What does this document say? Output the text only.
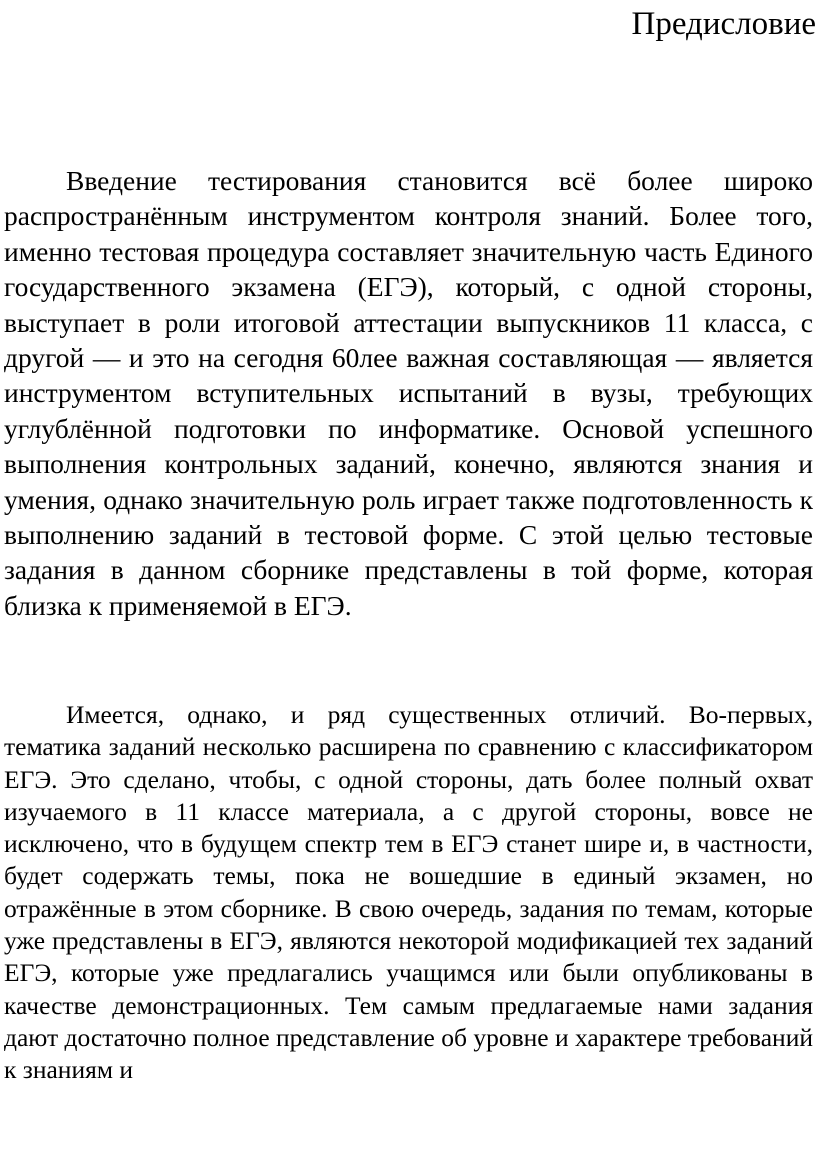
Предисловие

Введение тестирования становится всё более широко распространённым инструментом контроля знаний. Более того, именно тестовая процедура составляет значительную часть Единого государственного экзамена (ЕГЭ), который, с одной стороны, выступает в роли итоговой аттестации выпускников 11 класса, с другой — и это на сегодня 60лее важная составляющая — является инструментом вступительных испытаний в вузы, требующих углублённой подготовки по информатике. Основой успешного выполнения контрольных заданий, конечно, являются знания и умения, однако значительную роль играет также подготовленность к выполнению заданий в тестовой форме. С этой целью тестовые задания в данном сборнике представлены в той форме, которая близка к применяемой в ЕГЭ.

Имеется, однако, и ряд существенных отличий. Во-первых, тематика заданий несколько расширена по сравнению с классификатором ЕГЭ. Это сделано, чтобы, с одной стороны, дать более полный охват изучаемого в 11 классе материала, а с другой стороны, вовсе не исключено, что в будущем спектр тем в ЕГЭ станет шире и, в частности, будет содержать темы, пока не вошедшие в единый экзамен, но отражённые в этом сборнике. В свою очередь, задания по темам, которые уже представлены в ЕГЭ, являются некоторой модификацией тех заданий ЕГЭ, которые уже предлагались учащимся или были опубликованы в качестве демонстрационных. Тем самым предлагаемые нами задания дают достаточно полное представление об уровне и характере требований к знаниям и
